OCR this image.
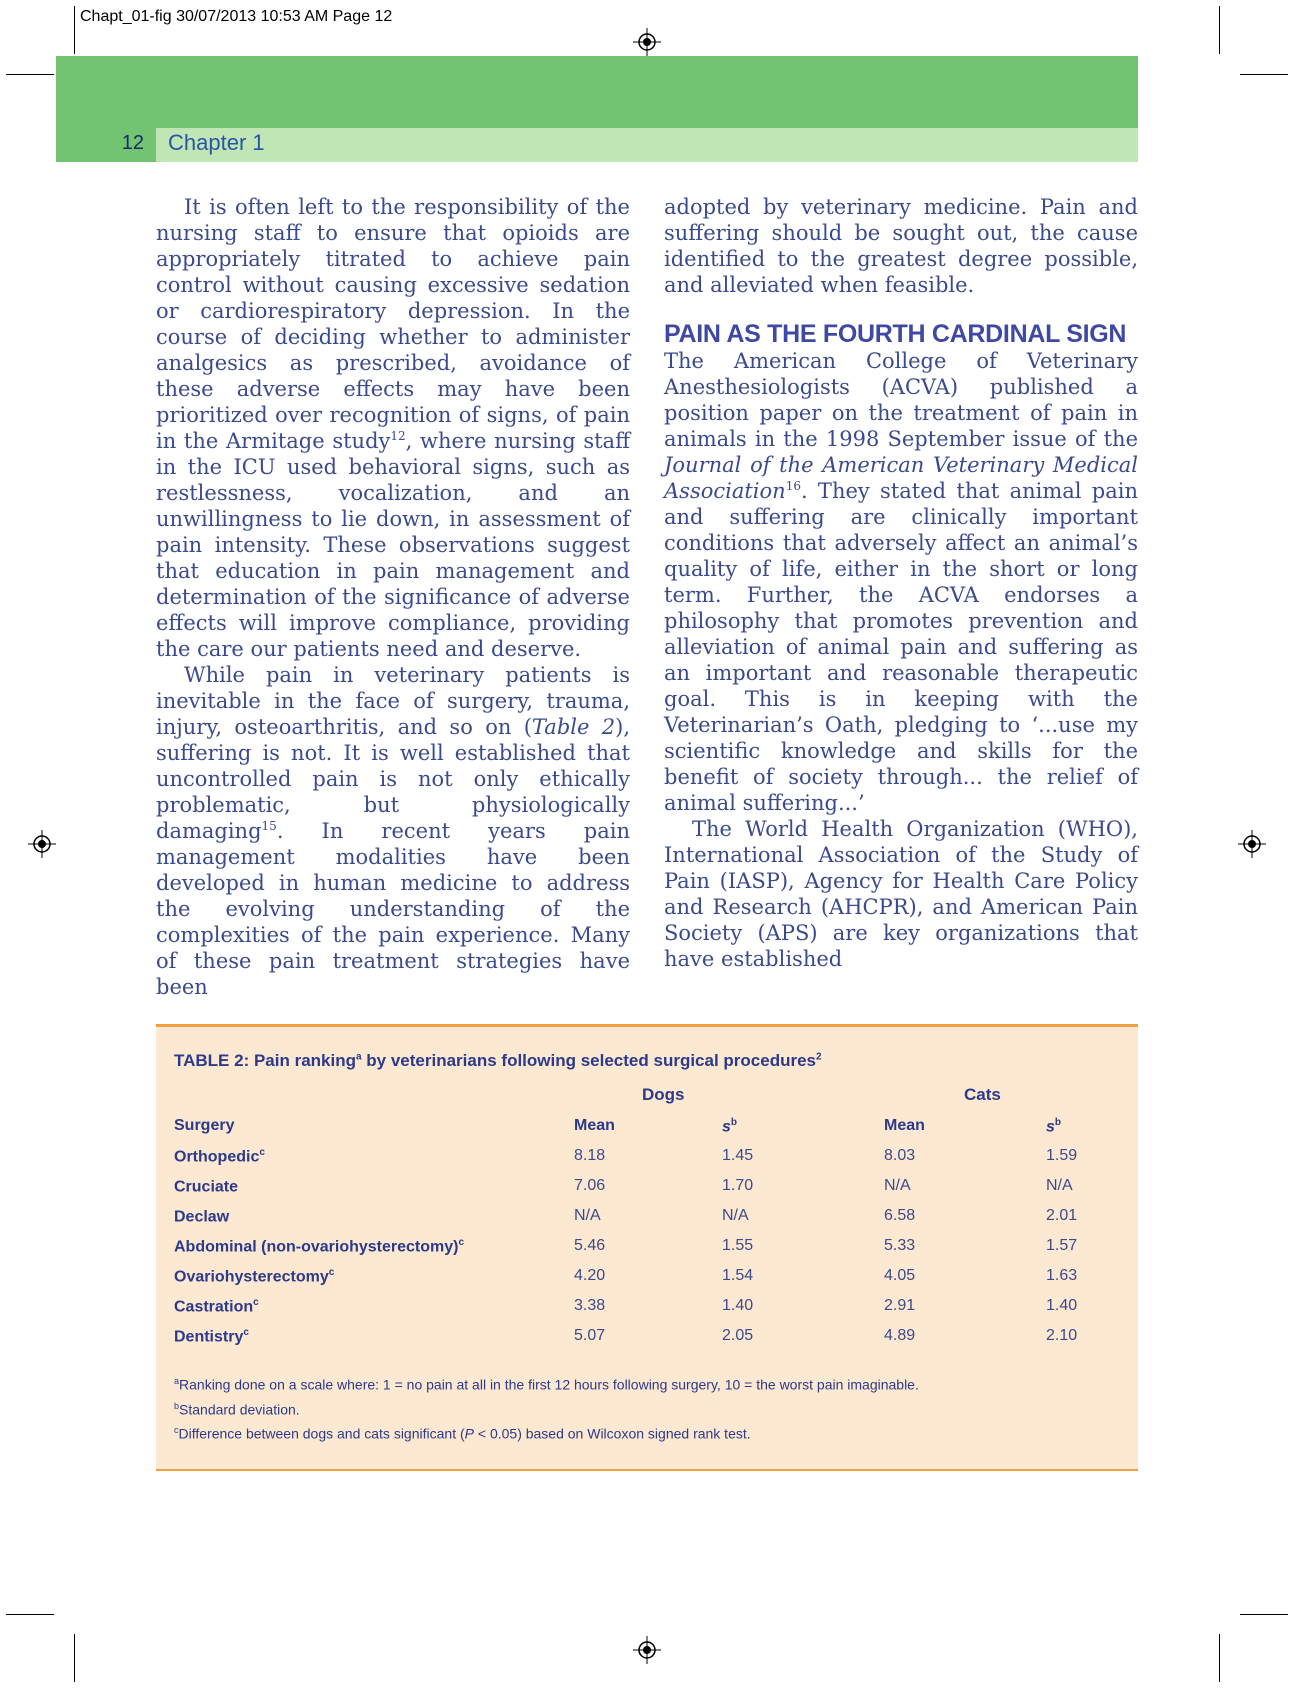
Chapt_01-fig 30/07/2013 10:53 AM Page 12
12 Chapter 1

It is often left to the responsibility of the nursing staff to ensure that opioids are appropriately titrated to achieve pain control without causing excessive sedation or cardiorespiratory depression. In the course of deciding whether to administer analgesics as prescribed, avoidance of these adverse effects may have been prioritized over recognition of signs, of pain in the Armitage study$^{12}$, where nursing staff in the ICU used behavioral signs, such as restlessness, vocalization, and an unwillingness to lie down, in assessment of pain intensity. These observations suggest that education in pain management and determination of the significance of adverse effects will improve compliance, providing the care our patients need and deserve.

While pain in veterinary patients is inevitable in the face of surgery, trauma, injury, osteoarthritis, and so on (Table 2), suffering is not. It is well established that uncontrolled pain is not only ethically problematic, but physiologically damaging$^{15}$. In recent years pain management modalities have been developed in human medicine to address the evolving understanding of the complexities of the pain experience. Many of these pain treatment strategies have been

adopted by veterinary medicine. Pain and suffering should be sought out, the cause identified to the greatest degree possible, and alleviated when feasible.

PAIN AS THE FOURTH CARDINAL SIGN

The American College of Veterinary Anesthesiologists (ACVA) published a position paper on the treatment of pain in animals in the 1998 September issue of the Journal of the American Veterinary Medical Association$^{16}$. They stated that animal pain and suffering are clinically important conditions that adversely affect an animal’s quality of life, either in the short or long term. Further, the ACVA endorses a philosophy that promotes prevention and alleviation of animal pain and suffering as an important and reasonable therapeutic goal. This is in keeping with the Veterinarian’s Oath, pledging to ‘...use my scientific knowledge and skills for the benefit of society through... the relief of animal suffering...’

The World Health Organization (WHO), International Association of the Study of Pain (IASP), Agency for Health Care Policy and Research (AHCPR), and American Pain Society (APS) are key organizations that have established

TABLE 2: Pain ranking$^a$ by veterinarians following selected surgical procedures$^2$
Dogs	Cats
Surgery	Mean	$s^b$	Mean	$s^b$
Orthopedic$^c$	8.18	1.45	8.03	1.59
Cruciate	7.06	1.70	N/A	N/A
Declaw	N/A	N/A	6.58	2.01
Abdominal (non-ovariohysterectomy)$^c$	5.46	1.55	5.33	1.57
Ovariohysterectomy$^c$	4.20	1.54	4.05	1.63
Castration$^c$	3.38	1.40	2.91	1.40
Dentistry$^c$	5.07	2.05	4.89	2.10
$^a$Ranking done on a scale where: 1 = no pain at all in the first 12 hours following surgery, 10 = the worst pain imaginable.
$^b$Standard deviation.
$^c$Difference between dogs and cats significant (P < 0.05) based on Wilcoxon signed rank test.
